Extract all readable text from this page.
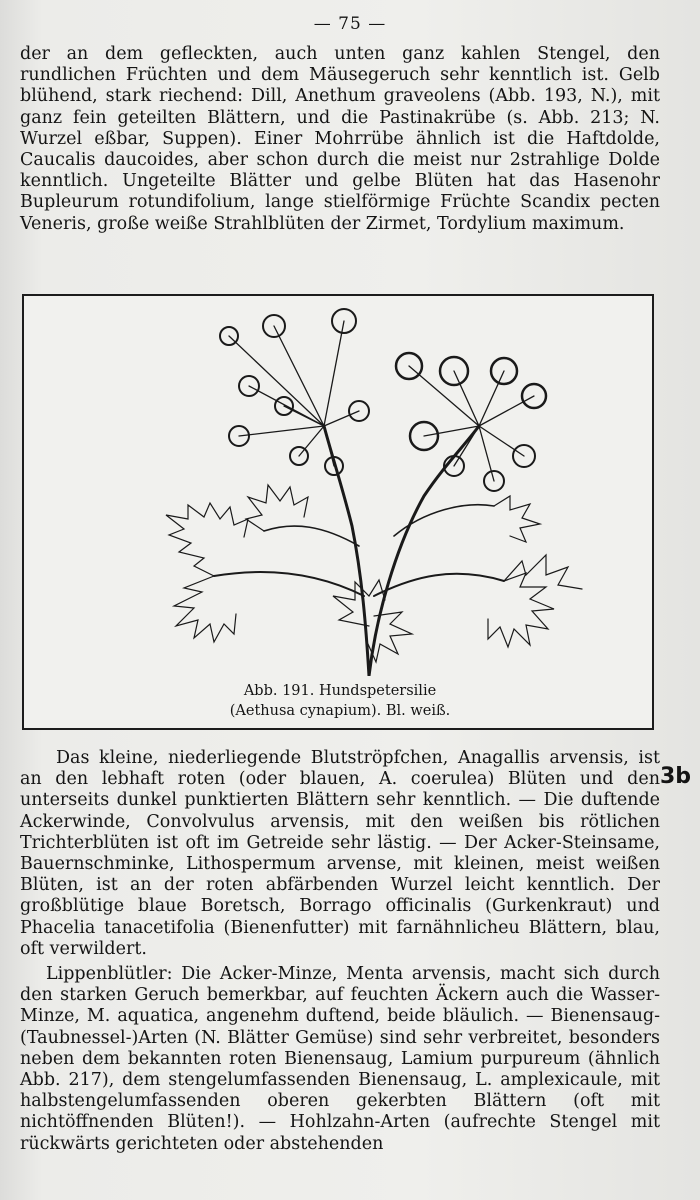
— 75 —

der an dem gefleckten, auch unten ganz kahlen Stengel, den rundlichen Früchten und dem Mäusegeruch sehr kenntlich ist. Gelb blühend, stark riechend: Dill, Anethum graveolens (Abb. 193, N.), mit ganz fein geteilten Blättern, und die Pastinakrübe (s. Abb. 213; N. Wurzel eßbar, Suppen). Einer Mohrrübe ähnlich ist die Haftdolde, Caucalis daucoides, aber schon durch die meist nur 2strahlige Dolde kenntlich. Ungeteilte Blätter und gelbe Blüten hat das Hasenohr Bupleurum rotundifolium, lange stielförmige Früchte Scandix pecten Veneris, große weiße Strahlblüten der Zirmet, Tordylium maximum.

Abb. 191. Hundspetersilie
(Aethusa cynapium). Bl. weiß.

Das kleine, niederliegende Blutströpfchen, Anagallis arvensis, ist an den lebhaft roten (oder blauen, A. coerulea) Blüten und den unterseits dunkel punktierten Blättern sehr kenntlich. — Die duftende Ackerwinde, Convolvulus arvensis, mit den weißen bis rötlichen Trichterblüten ist oft im Getreide sehr lästig. — Der Acker-Steinsame, Bauernschminke, Lithospermum arvense, mit kleinen, meist weißen Blüten, ist an der roten abfärbenden Wurzel leicht kenntlich. Der großblütige blaue Boretsch, Borrago officinalis (Gurkenkraut) und Phacelia tanacetifolia (Bienenfutter) mit farnähnlicheu Blättern, blau, oft verwildert.

3b

Lippenblütler: Die Acker-Minze, Menta arvensis, macht sich durch den starken Geruch bemerkbar, auf feuchten Äckern auch die Wasser-Minze, M. aquatica, angenehm duftend, beide bläulich. — Bienensaug-(Taubnessel-)Arten (N. Blätter Gemüse) sind sehr verbreitet, besonders neben dem bekannten roten Bienensaug, Lamium purpureum (ähnlich Abb. 217), dem stengelumfassenden Bienensaug, L. amplexicaule, mit halbstengelumfassenden oberen gekerbten Blättern (oft mit nichtöffnenden Blüten!). — Hohlzahn-Arten (aufrechte Stengel mit rückwärts gerichteten oder abstehenden
